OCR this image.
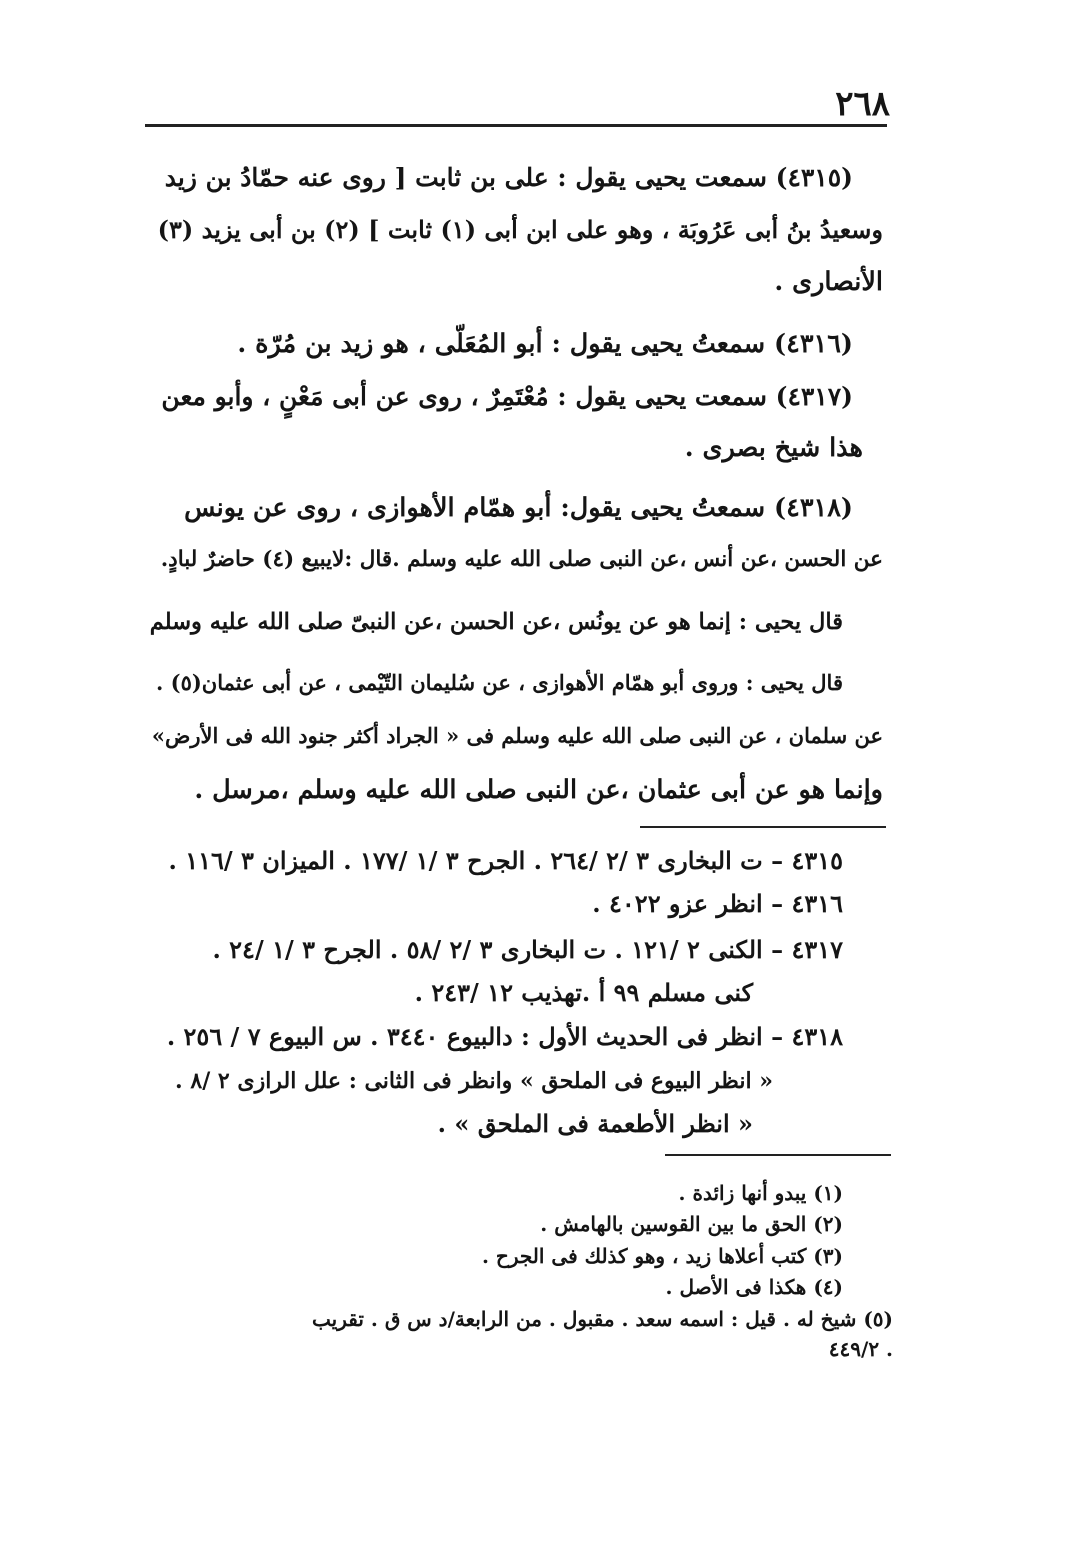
٢٦٨
(٤٣١٥) سمعت يحيى يقول : على بن ثابت [ روى عنه حمّادُ بن زيد
وسعيدُ بنُ أبى عَرُوبَة ، وهو على ابن أبى (١) ثابت ] (٢) بن أبى يزيد (٣)
الأنصارى .
(٤٣١٦) سمعتُ يحيى يقول : أبو المُعَلّى ، هو زيد بن مُرّة .
(٤٣١٧) سمعت يحيى يقول : مُعْتَمِرٌ ، روى عن أبى مَعْنٍ ، وأبو معن
هذا شيخ بصرى .
(٤٣١٨) سمعتُ يحيى يقول: أبو همّام الأهوازى ، روى عن يونس
عن الحسن ،عن أنس ،عن النبى صلى الله عليه وسلم .قال :لايبيع (٤) حاضرٌ لبادٍ.
قال يحيى : إنما هو عن يونُس ،عن الحسن ،عن النبىّ صلى الله عليه وسلم
قال يحيى : وروى أبو همّام الأهوازى ، عن سُليمان التّيْمى ، عن أبى عثمان(٥) .
عن سلمان ، عن النبى صلى الله عليه وسلم فى « الجراد أكثر جنود الله فى الأرض»
وإنما هو عن أبى عثمان ،عن النبى صلى الله عليه وسلم ،مرسل .
٤٣١٥ – ت البخارى ٣ /٢ /٢٦٤ . الجرح ٣ /١ /١٧٧ . الميزان ٣ /١١٦ .
٤٣١٦ – انظر عزو ٤٠٢٢ .
٤٣١٧ – الكنى ٢ /١٢١ . ت البخارى ٣ /٢ /٥٨ . الجرح ٣ /١ /٢٤ .
كنى مسلم ٩٩ أ .تهذيب ١٢ /٢٤٣ .
٤٣١٨ – انظر فى الحديث الأول : دالبيوع ٣٤٤٠ . س البيوع ٧ / ٢٥٦ .
« انظر البيوع فى الملحق » وانظر فى الثانى : علل الرازى ٢ /٨ .
« انظر الأطعمة فى الملحق » .
(١) يبدو أنها زائدة .
(٢) الحق ما بين القوسين بالهامش .
(٣) كتب أعلاها زيد ، وهو كذلك فى الجرح .
(٤) هكذا فى الأصل .
(٥) شيخ له . قيل : اسمه سعد . مقبول . من الرابعة/د س ق . تقريب
. ٤٤٩/٢
